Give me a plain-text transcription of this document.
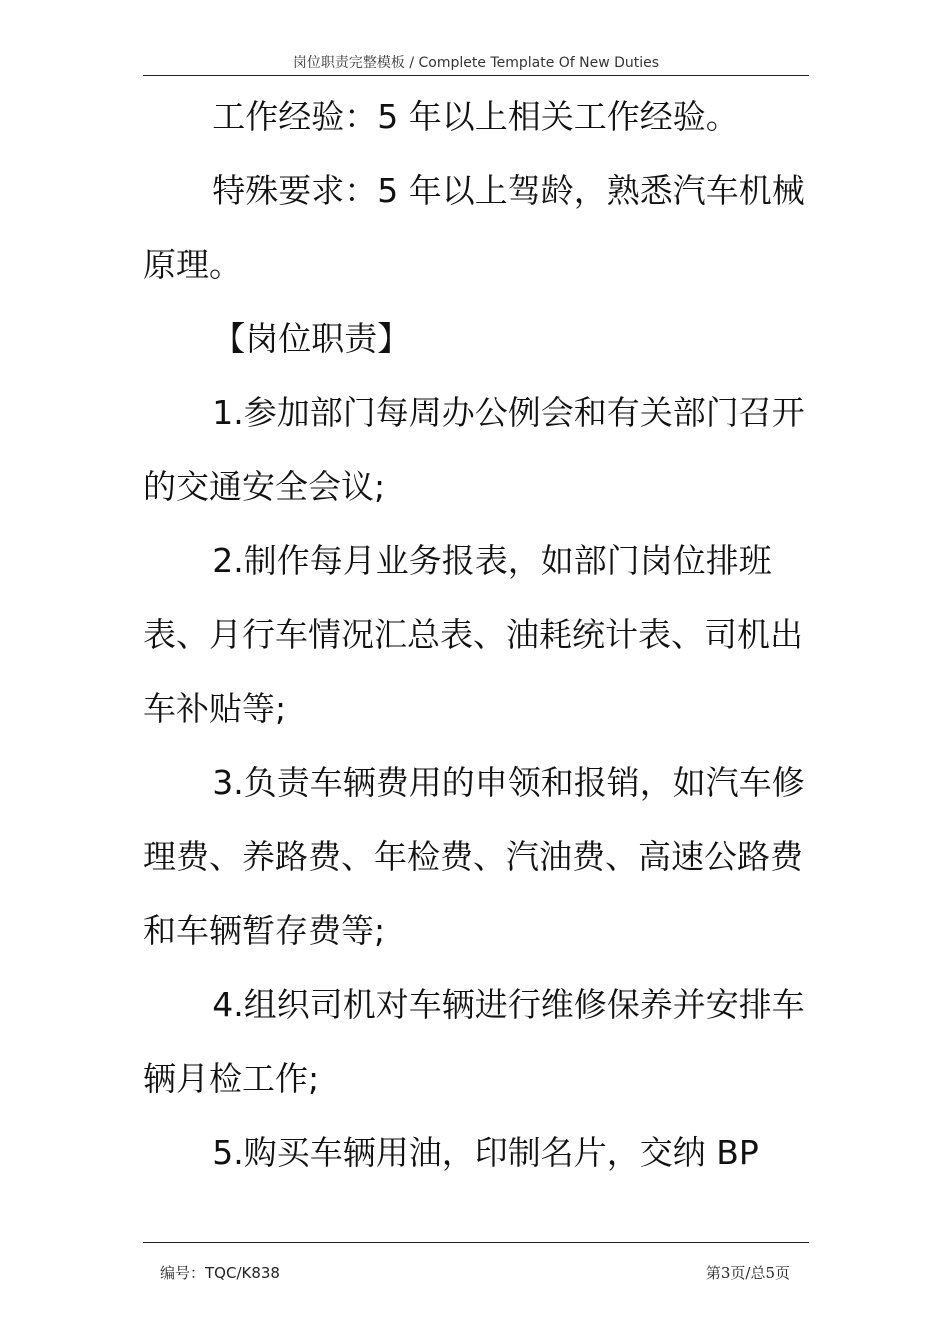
岗位职责完整模板 / Complete Template Of New Duties

工作经验：5 年以上相关工作经验。

特殊要求：5 年以上驾龄，熟悉汽车机械原理。

【岗位职责】

1.参加部门每周办公例会和有关部门召开的交通安全会议;

2.制作每月业务报表，如部门岗位排班表、月行车情况汇总表、油耗统计表、司机出车补贴等;

3.负责车辆费用的申领和报销，如汽车修理费、养路费、年检费、汽油费、高速公路费和车辆暂存费等;

4.组织司机对车辆进行维修保养并安排车辆月检工作;

5.购买车辆用油，印制名片，交纳 BP

编号：TQC/K838	第3页/总5页
